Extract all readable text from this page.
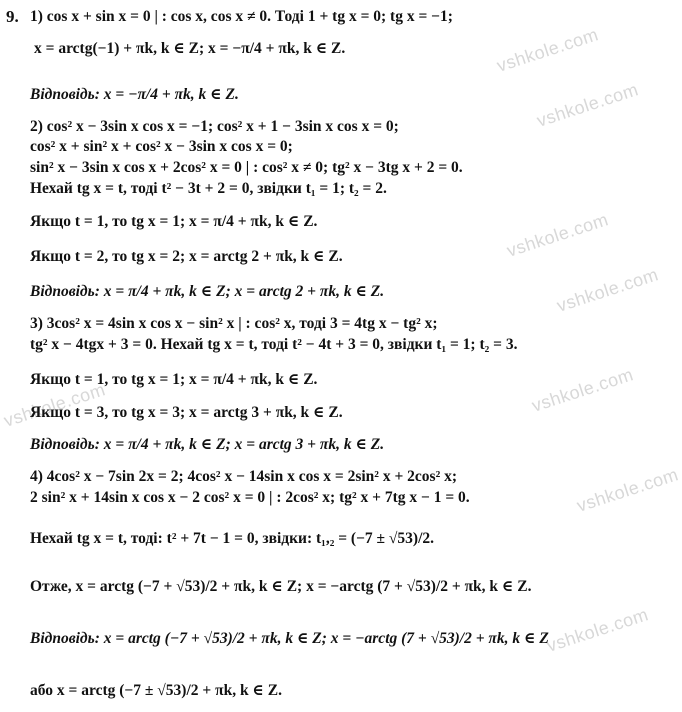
vshkole.com
vshkole.com
vshkole.com
vshkole.com
vshkole.com
vshkole.com
vshkole.com
vshkole.com
9. 1) cos x + sin x = 0 | : cos x, cos x ≠ 0. Тоді 1 + tg x = 0; tg x = −1;
x = arctg(−1) + πk, k ∈ Z; x = −π/4 + πk, k ∈ Z.
Відповідь: x = −π/4 + πk, k ∈ Z.
2) cos² x − 3sin x cos x = −1; cos² x + 1 − 3sin x cos x = 0;
cos² x + sin² x + cos² x − 3sin x cos x = 0;
sin² x − 3sin x cos x + 2cos² x = 0 | : cos² x ≠ 0; tg² x − 3tg x + 2 = 0.
Нехай tg x = t, тоді t² − 3t + 2 = 0, звідки t₁ = 1; t₂ = 2.
Якщо t = 1, то tg x = 1; x = π/4 + πk, k ∈ Z.
Якщо t = 2, то tg x = 2; x = arctg 2 + πk, k ∈ Z.
Відповідь: x = π/4 + πk, k ∈ Z; x = arctg 2 + πk, k ∈ Z.
3) 3cos² x = 4sin x cos x − sin² x | : cos² x, тоді 3 = 4tg x − tg² x;
tg² x − 4tgx + 3 = 0. Нехай tg x = t, тоді t² − 4t + 3 = 0, звідки t₁ = 1; t₂ = 3.
Якщо t = 1, то tg x = 1; x = π/4 + πk, k ∈ Z.
Якщо t = 3, то tg x = 3; x = arctg 3 + πk, k ∈ Z.
Відповідь: x = π/4 + πk, k ∈ Z; x = arctg 3 + πk, k ∈ Z.
4) 4cos² x − 7sin 2x = 2; 4cos² x − 14sin x cos x = 2sin² x + 2cos² x;
2 sin² x + 14sin x cos x − 2 cos² x = 0 | : 2cos² x; tg² x + 7tg x − 1 = 0.
Нехай tg x = t, тоді: t² + 7t − 1 = 0, звідки: t₁,₂ = (−7 ± √53)/2.
Отже, x = arctg (−7 + √53)/2 + πk, k ∈ Z; x = −arctg (7 + √53)/2 + πk, k ∈ Z.
Відповідь: x = arctg (−7 + √53)/2 + πk, k ∈ Z; x = −arctg (7 + √53)/2 + πk, k ∈ Z
або x = arctg (−7 ± √53)/2 + πk, k ∈ Z.
